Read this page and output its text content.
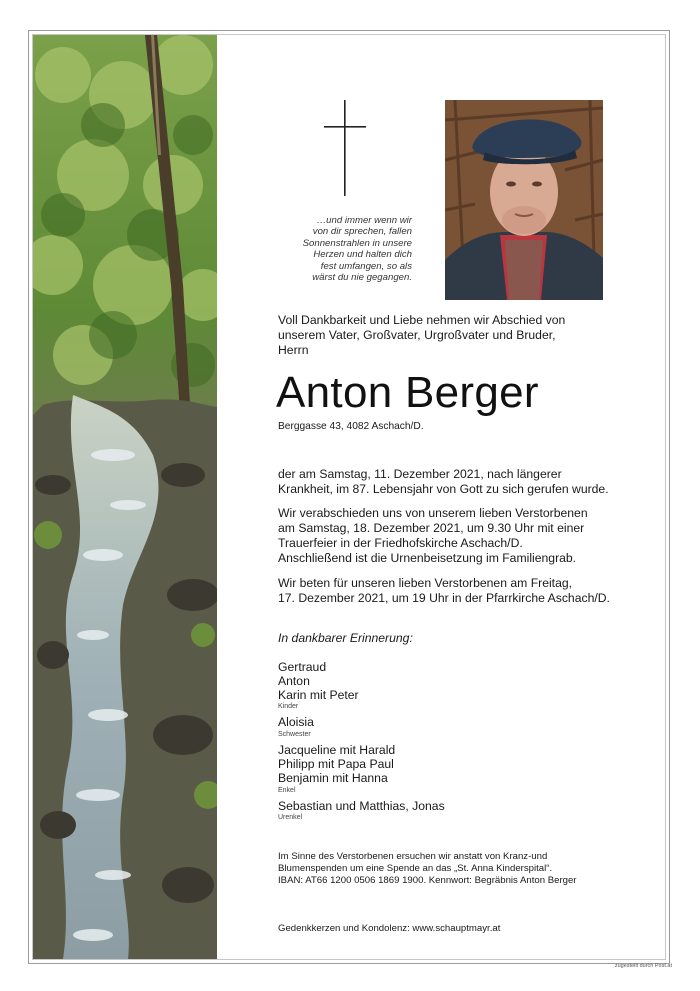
…und immer wenn wir
von dir sprechen, fallen
Sonnenstrahlen in unsere
Herzen und halten dich
fest umfangen, so als
wärst du nie gegangen.
Voll Dankbarkeit und Liebe nehmen wir Abschied von
unserem Vater, Großvater, Urgroßvater und Bruder,
Herrn
Anton Berger
Berggasse 43, 4082 Aschach/D.
der am Samstag, 11. Dezember 2021, nach längerer
Krankheit, im 87. Lebensjahr von Gott zu sich gerufen wurde.
Wir verabschieden uns von unserem lieben Verstorbenen
am Samstag, 18. Dezember 2021, um 9.30 Uhr mit einer
Trauerfeier in der Friedhofskirche Aschach/D.
Anschließend ist die Urnenbeisetzung im Familiengrab.
Wir beten für unseren lieben Verstorbenen am Freitag,
17. Dezember 2021, um 19 Uhr in der Pfarrkirche Aschach/D.
In dankbarer Erinnerung:
Gertraud
Anton
Karin mit Peter
Kinder
Aloisia
Schwester
Jacqueline mit Harald
Philipp mit Papa Paul
Benjamin mit Hanna
Enkel
Sebastian und Matthias, Jonas
Urenkel
Im Sinne des Verstorbenen ersuchen wir anstatt von Kranz-und
Blumenspenden um eine Spende an das „St. Anna Kinderspital“.
IBAN: AT66 1200 0506 1869 1900. Kennwort: Begräbnis Anton Berger
Gedenkkerzen und Kondolenz: www.schauptmayr.at
zugestellt durch Post.at
